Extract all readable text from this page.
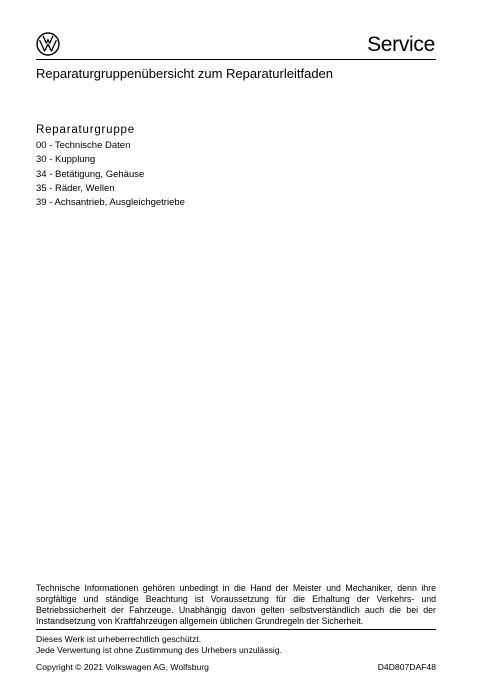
Service
Reparaturgruppenübersicht zum Reparaturleitfaden
Reparaturgruppe
00 - Technische Daten
30 - Kupplung
34 - Betätigung, Gehäuse
35 - Räder, Wellen
39 - Achsantrieb, Ausgleichgetriebe
Technische Informationen gehören unbedingt in die Hand der Meister und Mechaniker, denn ihre sorgfältige und ständige Beachtung ist Voraussetzung für die Erhaltung der Verkehrs- und Betriebssicherheit der Fahrzeuge. Unabhängig davon gelten selbstverständlich auch die bei der Instandsetzung von Kraftfahrzeugen allgemein üblichen Grundregeln der Sicherheit.
Dieses Werk ist urheberrechtlich geschützt.
Jede Verwertung ist ohne Zustimmung des Urhebers unzulässig.
Copyright © 2021 Volkswagen AG, Wolfsburg	D4D807DAF48
